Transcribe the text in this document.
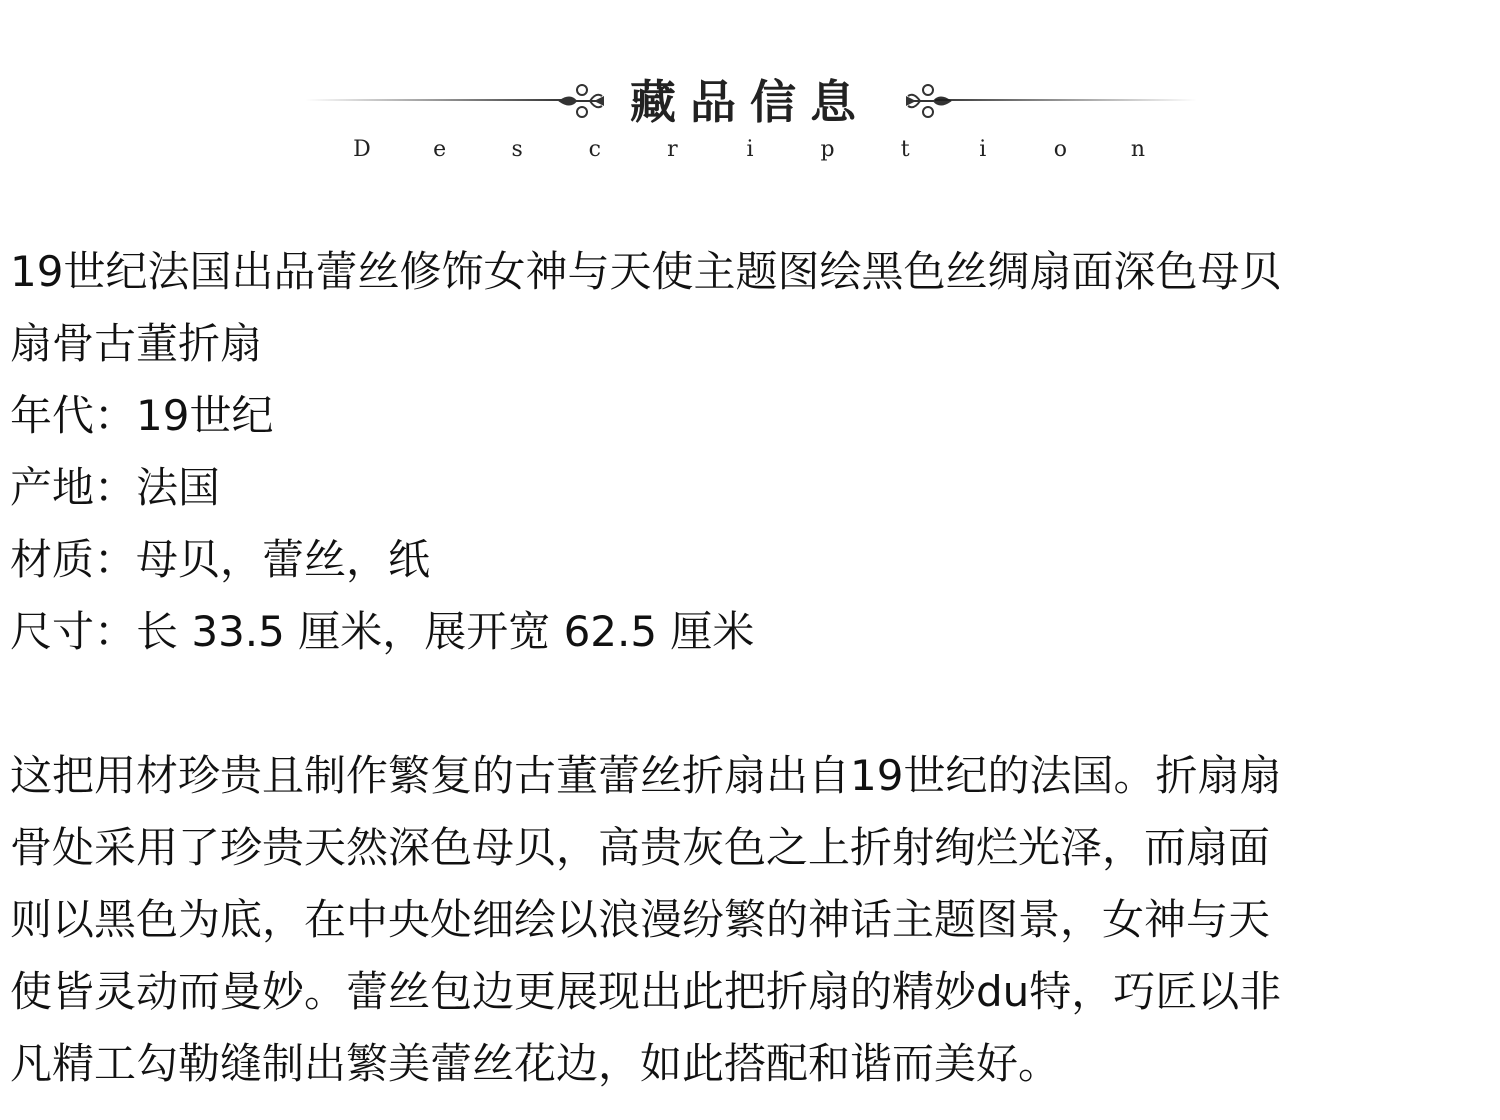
藏品信息
D	e	s	c	r	i	p	t	i	o	n

19世纪法国出品蕾丝修饰女神与天使主题图绘黑色丝绸扇面深色母贝

扇骨古董折扇

年代：19世纪

产地：法国

材质：母贝，蕾丝，纸

尺寸：长 33.5 厘米，展开宽 62.5 厘米

这把用材珍贵且制作繁复的古董蕾丝折扇出自19世纪的法国。折扇扇

骨处采用了珍贵天然深色母贝，高贵灰色之上折射绚烂光泽，而扇面

则以黑色为底，在中央处细绘以浪漫纷繁的神话主题图景，女神与天

使皆灵动而曼妙。蕾丝包边更展现出此把折扇的精妙du特，巧匠以非

凡精工勾勒缝制出繁美蕾丝花边，如此搭配和谐而美好。
